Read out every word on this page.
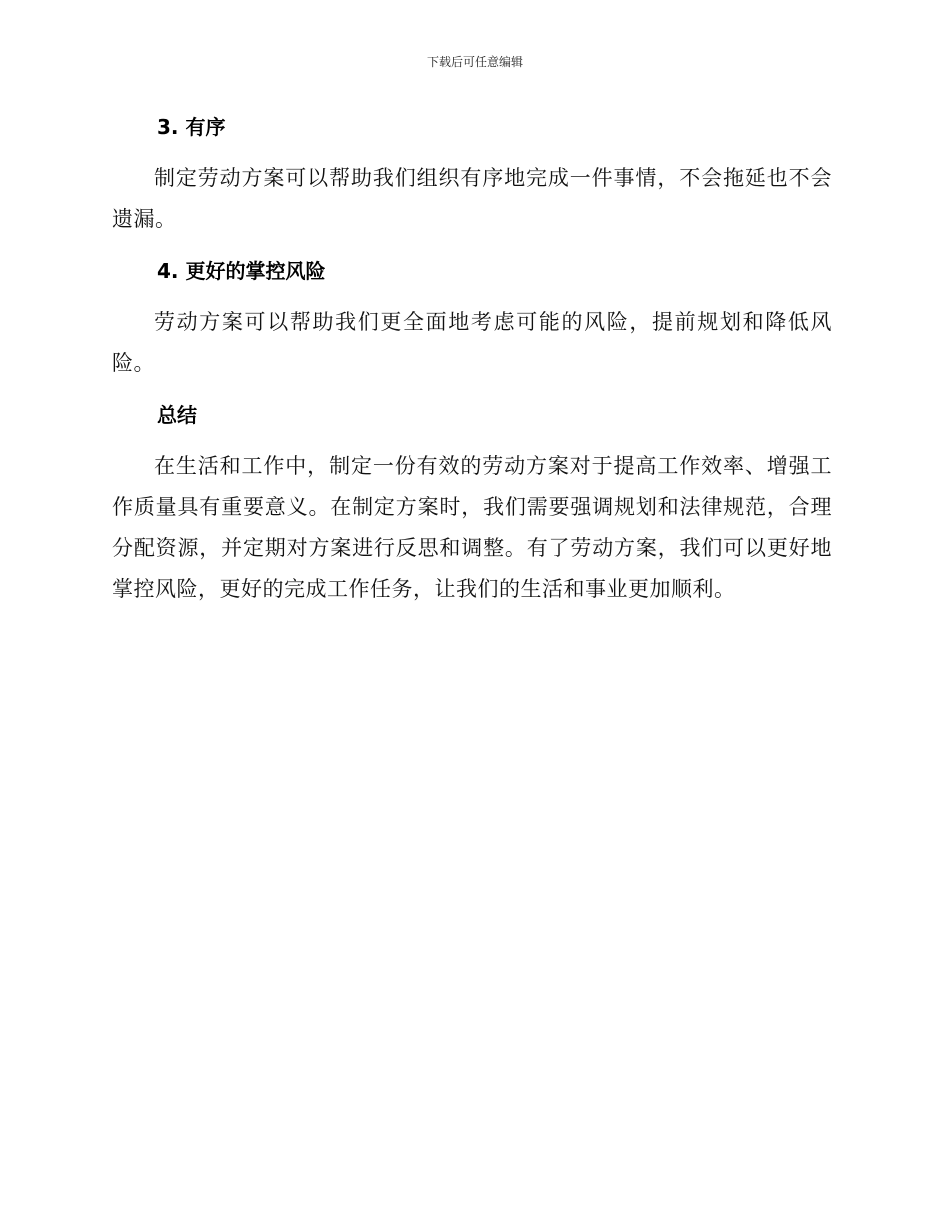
下载后可任意编辑
3. 有序

制定劳动方案可以帮助我们组织有序地完成一件事情，不会拖延也不会遗漏。

4. 更好的掌控风险

劳动方案可以帮助我们更全面地考虑可能的风险，提前规划和降低风险。

总结

在生活和工作中，制定一份有效的劳动方案对于提高工作效率、增强工作质量具有重要意义。在制定方案时，我们需要强调规划和法律规范，合理分配资源，并定期对方案进行反思和调整。有了劳动方案，我们可以更好地掌控风险，更好的完成工作任务，让我们的生活和事业更加顺利。
